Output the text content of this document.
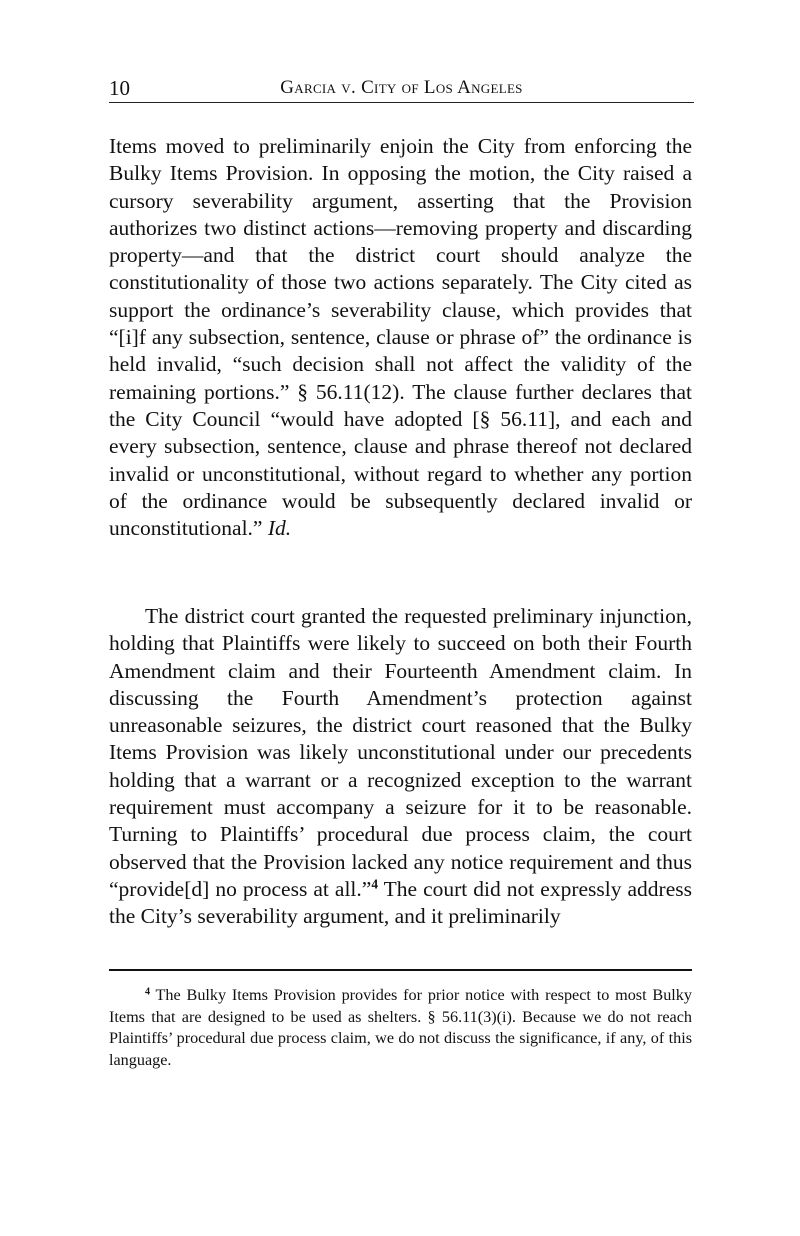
10	Garcia v. City of Los Angeles

Items moved to preliminarily enjoin the City from enforcing the Bulky Items Provision. In opposing the motion, the City raised a cursory severability argument, asserting that the Provision authorizes two distinct actions—removing property and discarding property—and that the district court should analyze the constitutionality of those two actions separately. The City cited as support the ordinance’s severability clause, which provides that “[i]f any subsection, sentence, clause or phrase of” the ordinance is held invalid, “such decision shall not affect the validity of the remaining portions.” § 56.11(12). The clause further declares that the City Council “would have adopted [§ 56.11], and each and every subsection, sentence, clause and phrase thereof not declared invalid or unconstitutional, without regard to whether any portion of the ordinance would be subsequently declared invalid or unconstitutional.” Id.

The district court granted the requested preliminary injunction, holding that Plaintiffs were likely to succeed on both their Fourth Amendment claim and their Fourteenth Amendment claim. In discussing the Fourth Amendment’s protection against unreasonable seizures, the district court reasoned that the Bulky Items Provision was likely unconstitutional under our precedents holding that a warrant or a recognized exception to the warrant requirement must accompany a seizure for it to be reasonable. Turning to Plaintiffs’ procedural due process claim, the court observed that the Provision lacked any notice requirement and thus “provide[d] no process at all.”$^4$ The court did not expressly address the City’s severability argument, and it preliminarily

$^4$ The Bulky Items Provision provides for prior notice with respect to most Bulky Items that are designed to be used as shelters. § 56.11(3)(i). Because we do not reach Plaintiffs’ procedural due process claim, we do not discuss the significance, if any, of this language.
